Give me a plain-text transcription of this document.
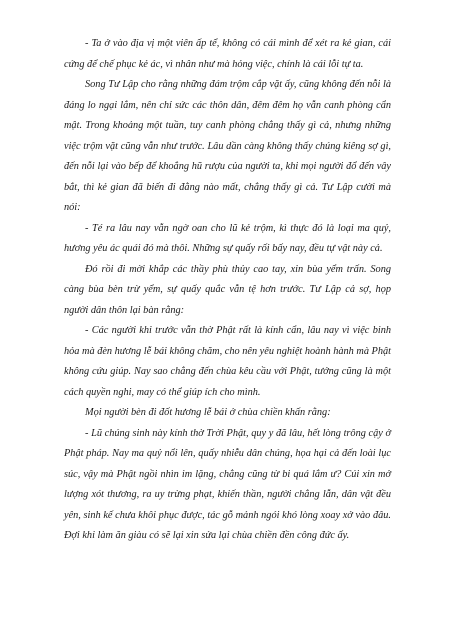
- Ta ở vào địa vị một viên ấp tể, không có cái mình để xét ra kẻ gian, cái cứng để chế phục kẻ ác, vì nhân như mà hỏng việc, chính là cái lỗi tự ta.

Song Tư Lập cho rằng những đám trộm cắp vặt ấy, cũng không đến nỗi là đáng lo ngại lắm, nên chỉ sức các thôn dân, đêm đêm họ vẫn canh phòng cẩn mật. Trong khoảng một tuần, tuy canh phòng chẳng thấy gì cả, nhưng những việc trộm vặt cũng vẫn như trước. Lâu dần càng không thấy chúng kiêng sợ gì, đến nỗi lại vào bếp để khoắng hũ rượu của người ta, khi mọi người đổ đến vây bắt, thì kẻ gian đã biến đi đằng nào mất, chẳng thấy gì cả. Tư Lập cười mà nói:

- Té ra lâu nay vẫn ngờ oan cho lũ kẻ trộm, kì thực đó là loại ma quỷ, hương yêu ác quái đó mà thôi. Những sự quấy rối bấy nay, đều tự vật này cả.

Đó rồi đi mời khắp các thầy phù thủy cao tay, xin bùa yểm trấn. Song càng bùa bèn trừ yểm, sự quấy quắc vẫn tệ hơn trước. Tư Lập cả sợ, họp người dân thôn lại bàn rằng:

- Các người khi trước vẫn thờ Phật rất là kính cẩn, lâu nay vì việc binh hỏa mà đèn hương lễ bái không chăm, cho nên yêu nghiệt hoành hành mà Phật không cứu giúp. Nay sao chẳng đến chùa kêu cầu với Phật, tướng cũng là một cách quyền nghi, may có thể giúp ích cho mình.

Mọi người bèn đi đốt hương lễ bái ở chùa chiền khấn rằng:

- Lũ chúng sinh này kính thờ Trời Phật, quy y đã lâu, hết lòng trông cậy ở Phật pháp. Nay ma quỷ nổi lên, quấy nhiễu dân chúng, họa hại cả đến loài lục súc, vậy mà Phật ngồi nhìn im lặng, chẳng cũng từ bi quá lắm ư? Cúi xin mở lượng xót thương, ra uy trừng phạt, khiến thần, người chẳng lẫn, dân vật đều yên, sinh kế chưa khôi phục được, tác gỗ mảnh ngói khó lòng xoay xở vào đâu. Đợi khi làm ăn giàu có sẽ lại xin sửa lại chùa chiền đền công đức ấy.
